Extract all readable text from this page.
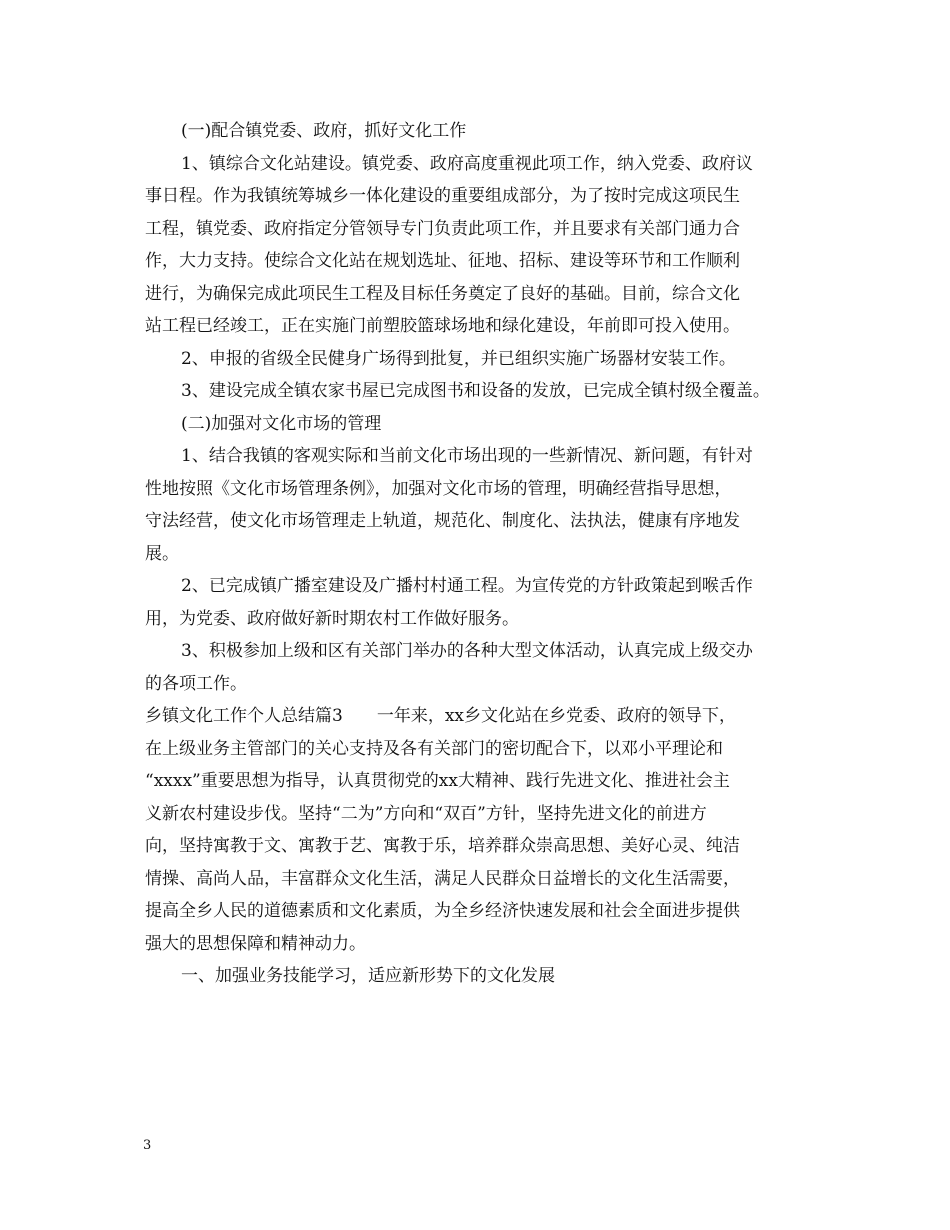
(一)配合镇党委、政府，抓好文化工作
1、镇综合文化站建设。镇党委、政府高度重视此项工作，纳入党委、政府议
事日程。作为我镇统筹城乡一体化建设的重要组成部分，为了按时完成这项民生
工程，镇党委、政府指定分管领导专门负责此项工作，并且要求有关部门通力合
作，大力支持。使综合文化站在规划选址、征地、招标、建设等环节和工作顺利
进行，为确保完成此项民生工程及目标任务奠定了良好的基础。目前，综合文化
站工程已经竣工，正在实施门前塑胶篮球场地和绿化建设，年前即可投入使用。
2、申报的省级全民健身广场得到批复，并已组织实施广场器材安装工作。
3、建设完成全镇农家书屋已完成图书和设备的发放，已完成全镇村级全覆盖。
(二)加强对文化市场的管理
1、结合我镇的客观实际和当前文化市场出现的一些新情况、新问题，有针对
性地按照《文化市场管理条例》，加强对文化市场的管理，明确经营指导思想，
守法经营，使文化市场管理走上轨道，规范化、制度化、法执法，健康有序地发
展。
2、已完成镇广播室建设及广播村村通工程。为宣传党的方针政策起到喉舌作
用，为党委、政府做好新时期农村工作做好服务。
3、积极参加上级和区有关部门举办的各种大型文体活动，认真完成上级交办
的各项工作。
乡镇文化工作个人总结篇3　　一年来，xx乡文化站在乡党委、政府的领导下，
在上级业务主管部门的关心支持及各有关部门的密切配合下，以邓小平理论和
“xxxx”重要思想为指导，认真贯彻党的xx大精神、践行先进文化、推进社会主
义新农村建设步伐。坚持“二为”方向和“双百”方针，坚持先进文化的前进方
向，坚持寓教于文、寓教于艺、寓教于乐，培养群众崇高思想、美好心灵、纯洁
情操、高尚人品，丰富群众文化生活，满足人民群众日益增长的文化生活需要，
提高全乡人民的道德素质和文化素质，为全乡经济快速发展和社会全面进步提供
强大的思想保障和精神动力。
一、加强业务技能学习，适应新形势下的文化发展
3
